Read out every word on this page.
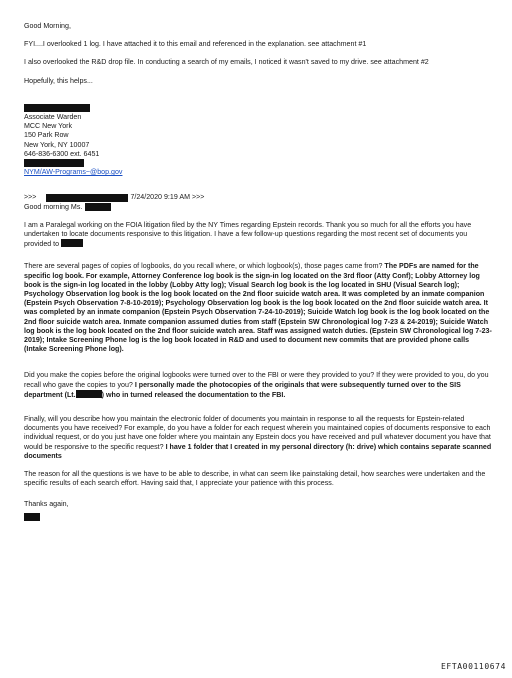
Good Morning,

FYI....I overlooked 1 log. I have attached it to this email and referenced in the explanation. see attachment #1

I also overlooked the R&D drop file. In conducting a search of my emails, I noticed it wasn't saved to my drive. see attachment #2

Hopefully, this helps...

Associate Warden

MCC New York

150 Park Row

New York, NY 10007

646-836-6300 ext. 6451

NYM/AW-Programs~@bop.gov

>>>	7/24/2020 9:19 AM >>>
Good morning Ms.

I am a Paralegal working on the FOIA litigation filed by the NY Times regarding Epstein records. Thank you so much for all the efforts you have undertaken to locate documents responsive to this litigation. I have a few follow-up questions regarding the most recent set of documents you provided to

There are several pages of copies of logbooks, do you recall where, or which logbook(s), those pages came from? The PDFs are named for the specific log book. For example, Attorney Conference log book is the sign-in log located on the 3rd floor (Atty Conf); Lobby Attorney log book is the sign-in log located in the lobby (Lobby Atty log); Visual Search log book is the log located in SHU (Visual Search log); Psychology Observation log book is the log book located on the 2nd floor suicide watch area. It was completed by an inmate companion (Epstein Psych Observation 7-8-10-2019); Psychology Observation log book is the log book located on the 2nd floor suicide watch area. It was completed by an inmate companion (Epstein Psych Observation 7-24-10-2019); Suicide Watch log book is the log book located on the 2nd floor suicide watch area. Inmate companion assumed duties from staff (Epstein SW Chronological log 7-23 & 24-2019); Suicide Watch log book is the log book located on the 2nd floor suicide watch area. Staff was assigned watch duties. (Epstein SW Chronological log 7-23-2019); Intake Screening Phone log is the log book located in R&D and used to document new commits that are provided phone calls (Intake Screening Phone log).

Did you make the copies before the original logbooks were turned over to the FBI or were they provided to you? If they were provided to you, do you recall who gave the copies to you? I personally made the photocopies of the originals that were subsequently turned over to the SIS department (Lt.	) who in turned released the documentation to the FBI.

Finally, will you describe how you maintain the electronic folder of documents you maintain in response to all the requests for Epstein-related documents you have received? For example, do you have a folder for each request wherein you maintained copies of documents responsive to each individual request, or do you just have one folder where you maintain any Epstein docs you have received and pull whatever document you have that would be responsive to the specific request? I have 1 folder that I created in my personal directory (h: drive) which contains separate scanned documents

The reason for all the questions is we have to be able to describe, in what can seem like painstaking detail, how searches were undertaken and the specific results of each search effort. Having said that, I appreciate your patience with this process.

Thanks again,

EFTA00110674
